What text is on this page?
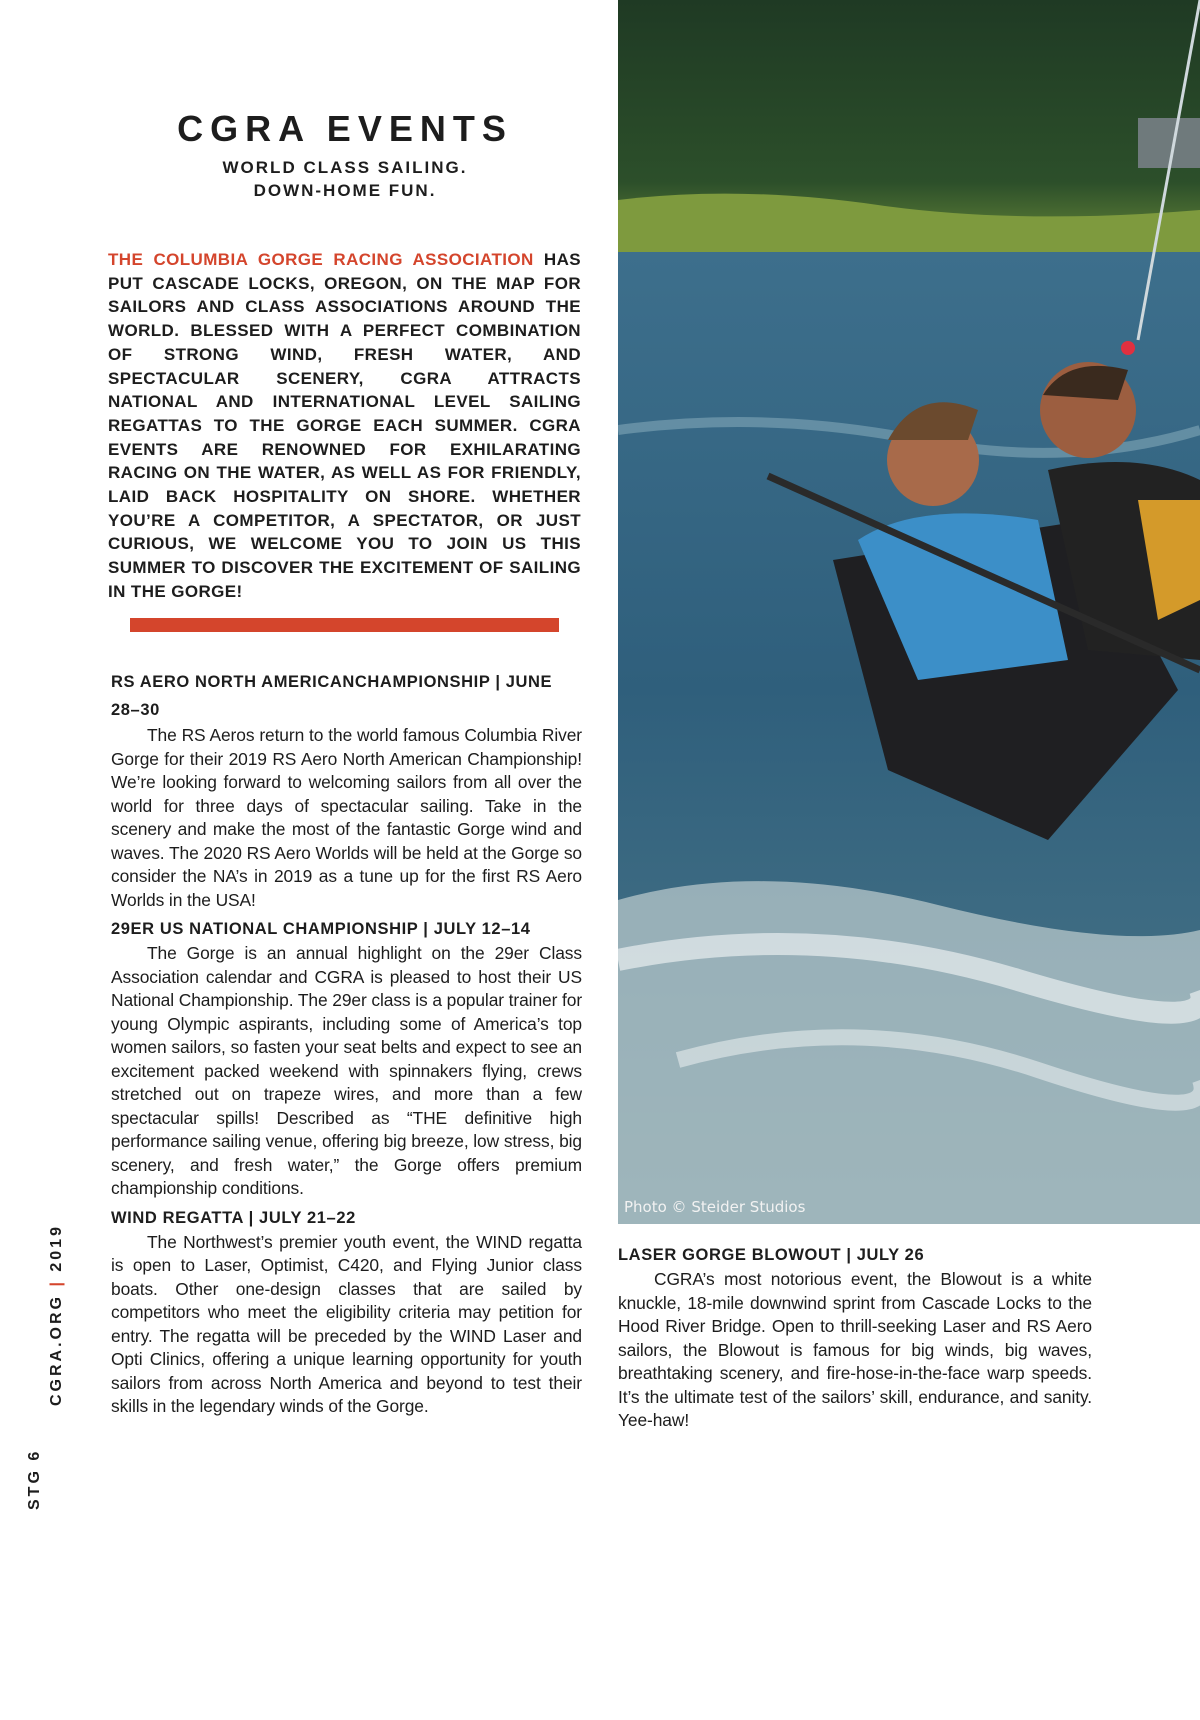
Photo © Steider Studios
CGRA EVENTS
WORLD CLASS SAILING.
DOWN-HOME FUN.
THE COLUMBIA GORGE RACING ASSOCIATION HAS PUT CASCADE LOCKS, OREGON, ON THE MAP FOR SAILORS AND CLASS ASSOCIATIONS AROUND THE WORLD. BLESSED WITH A PERFECT COMBINATION OF STRONG WIND, FRESH WATER, AND SPECTACULAR SCENERY, CGRA ATTRACTS NATIONAL AND INTERNATIONAL LEVEL SAILING REGATTAS TO THE GORGE EACH SUMMER. CGRA EVENTS ARE RENOWNED FOR EXHILARATING RACING ON THE WATER, AS WELL AS FOR FRIENDLY, LAID BACK HOSPITALITY ON SHORE. WHETHER YOU’RE A COMPETITOR, A SPECTATOR, OR JUST CURIOUS, WE WELCOME YOU TO JOIN US THIS SUMMER TO DISCOVER THE EXCITEMENT OF SAILING IN THE GORGE!
RS AERO NORTH AMERICANCHAMPIONSHIP | JUNE 28–30

The RS Aeros return to the world famous Columbia River Gorge for their 2019 RS Aero North American Championship! We’re looking forward to welcoming sailors from all over the world for three days of spectacular sailing. Take in the scenery and make the most of the fantastic Gorge wind and waves. The 2020 RS Aero Worlds will be held at the Gorge so consider the NA’s in 2019 as a tune up for the first RS Aero Worlds in the USA!

29ER US NATIONAL CHAMPIONSHIP | JULY 12–14

The Gorge is an annual highlight on the 29er Class Association calendar and CGRA is pleased to host their US National Championship. The 29er class is a popular trainer for young Olympic aspirants, including some of America’s top women sailors, so fasten your seat belts and expect to see an excitement packed weekend with spinnakers flying, crews stretched out on trapeze wires, and more than a few spectacular spills! Described as “THE definitive high performance sailing venue, offering big breeze, low stress, big scenery, and fresh water,” the Gorge offers premium championship conditions.

WIND REGATTA | JULY 21–22

The Northwest’s premier youth event, the WIND regatta is open to Laser, Optimist, C420, and Flying Junior class boats. Other one-design classes that are sailed by competitors who meet the eligibility criteria may petition for entry. The regatta will be preceded by the WIND Laser and Opti Clinics, offering a unique learning opportunity for youth sailors from across North America and beyond to test their skills in the legendary winds of the Gorge.

LASER GORGE BLOWOUT | JULY 26

CGRA’s most notorious event, the Blowout is a white knuckle, 18-mile downwind sprint from Cascade Locks to the Hood River Bridge. Open to thrill-seeking Laser and RS Aero sailors, the Blowout is famous for big winds, big waves, breathtaking scenery, and fire-hose-in-the-face warp speeds. It’s the ultimate test of the sailors’ skill, endurance, and sanity. Yee-haw!

STG 6
CGRA.ORG | 2019
